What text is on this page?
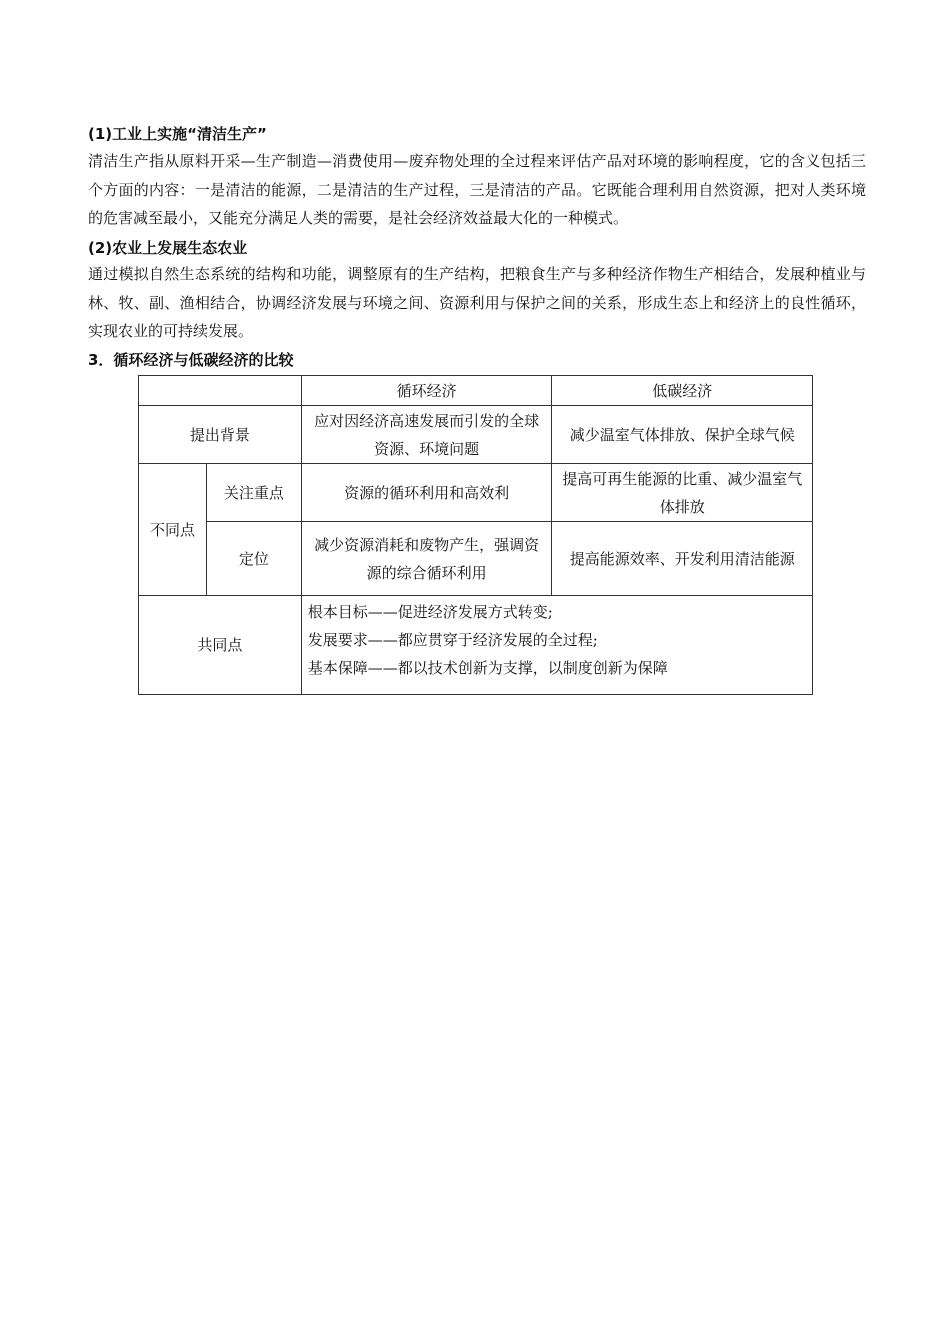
(1)工业上实施“清洁生产”
清洁生产指从原料开采—生产制造—消费使用—废弃物处理的全过程来评估产品对环境的影响程度，它的含义包括三个方面的内容：一是清洁的能源，二是清洁的生产过程，三是清洁的产品。它既能合理利用自然资源，把对人类环境的危害减至最小，又能充分满足人类的需要，是社会经济效益最大化的一种模式。
(2)农业上发展生态农业
通过模拟自然生态系统的结构和功能，调整原有的生产结构，把粮食生产与多种经济作物生产相结合，发展种植业与林、牧、副、渔相结合，协调经济发展与环境之间、资源利用与保护之间的关系，形成生态上和经济上的良性循环，实现农业的可持续发展。
3．循环经济与低碳经济的比较
		循环经济	低碳经济
提出背景		应对因经济高速发展而引发的全球资源、环境问题	减少温室气体排放、保护全球气候
不同点	关注重点	资源的循环利用和高效利	提高可再生能源的比重、减少温室气体排放
	定位	减少资源消耗和废物产生，强调资源的综合循环利用	提高能源效率、开发利用清洁能源
共同点		根本目标——促进经济发展方式转变;
发展要求——都应贯穿于经济发展的全过程;
基本保障——都以技术创新为支撑，以制度创新为保障	
